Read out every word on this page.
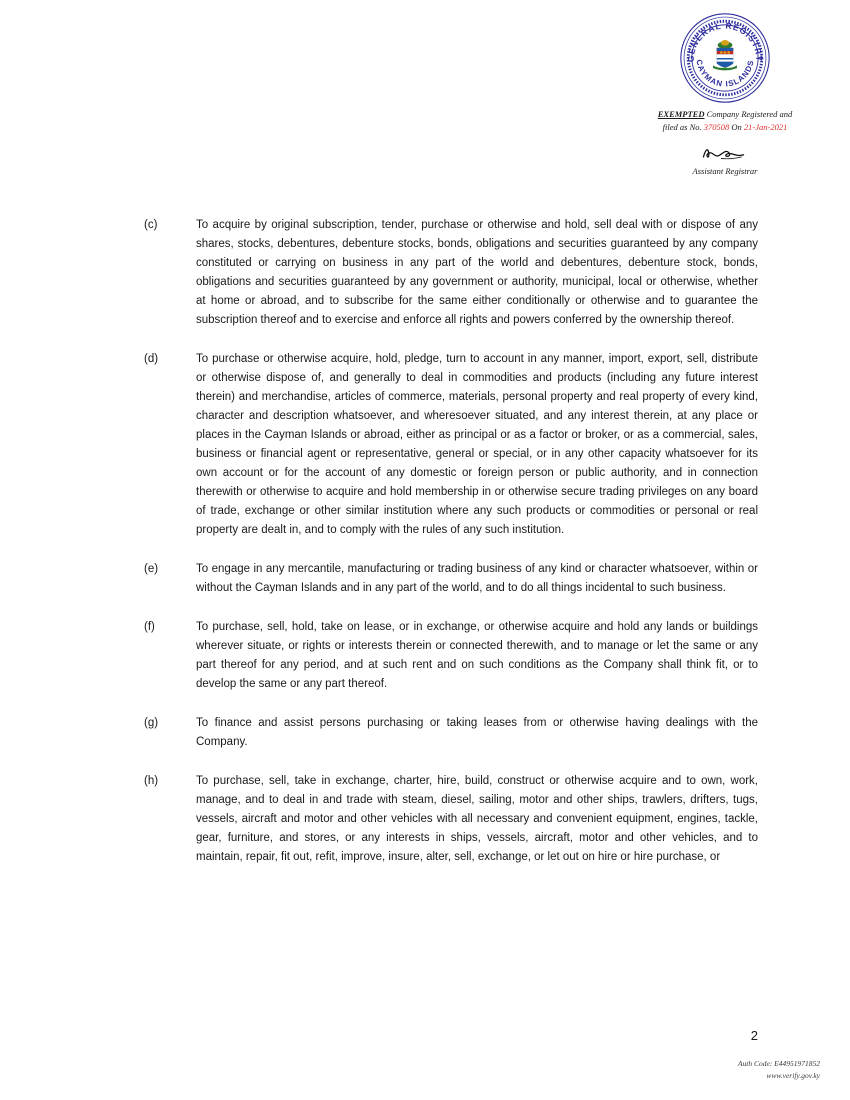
GENERAL REGISTRY
CAYMAN ISLANDS
EXEMPTED Company Registered and
filed as No. 370508 On 21-Jan-2021
Assistant Registrar
(c)	To acquire by original subscription, tender, purchase or otherwise and hold, sell deal with or dispose of any shares, stocks, debentures, debenture stocks, bonds, obligations and securities guaranteed by any company constituted or carrying on business in any part of the world and debentures, debenture stock, bonds, obligations and securities guaranteed by any government or authority, municipal, local or otherwise, whether at home or abroad, and to subscribe for the same either conditionally or otherwise and to guarantee the subscription thereof and to exercise and enforce all rights and powers conferred by the ownership thereof.
(d)	To purchase or otherwise acquire, hold, pledge, turn to account in any manner, import, export, sell, distribute or otherwise dispose of, and generally to deal in commodities and products (including any future interest therein) and merchandise, articles of commerce, materials, personal property and real property of every kind, character and description whatsoever, and wheresoever situated, and any interest therein, at any place or places in the Cayman Islands or abroad, either as principal or as a factor or broker, or as a commercial, sales, business or financial agent or representative, general or special, or in any other capacity whatsoever for its own account or for the account of any domestic or foreign person or public authority, and in connection therewith or otherwise to acquire and hold membership in or otherwise secure trading privileges on any board of trade, exchange or other similar institution where any such products or commodities or personal or real property are dealt in, and to comply with the rules of any such institution.
(e)	To engage in any mercantile, manufacturing or trading business of any kind or character whatsoever, within or without the Cayman Islands and in any part of the world, and to do all things incidental to such business.
(f)	To purchase, sell, hold, take on lease, or in exchange, or otherwise acquire and hold any lands or buildings wherever situate, or rights or interests therein or connected therewith, and to manage or let the same or any part thereof for any period, and at such rent and on such conditions as the Company shall think fit, or to develop the same or any part thereof.
(g)	To finance and assist persons purchasing or taking leases from or otherwise having dealings with the Company.
(h)	To purchase, sell, take in exchange, charter, hire, build, construct or otherwise acquire and to own, work, manage, and to deal in and trade with steam, diesel, sailing, motor and other ships, trawlers, drifters, tugs, vessels, aircraft and motor and other vehicles with all necessary and convenient equipment, engines, tackle, gear, furniture, and stores, or any interests in ships, vessels, aircraft, motor and other vehicles, and to maintain, repair, fit out, refit, improve, insure, alter, sell, exchange, or let out on hire or hire purchase, or
2
Auth Code: E44951971852
www.verify.gov.ky
